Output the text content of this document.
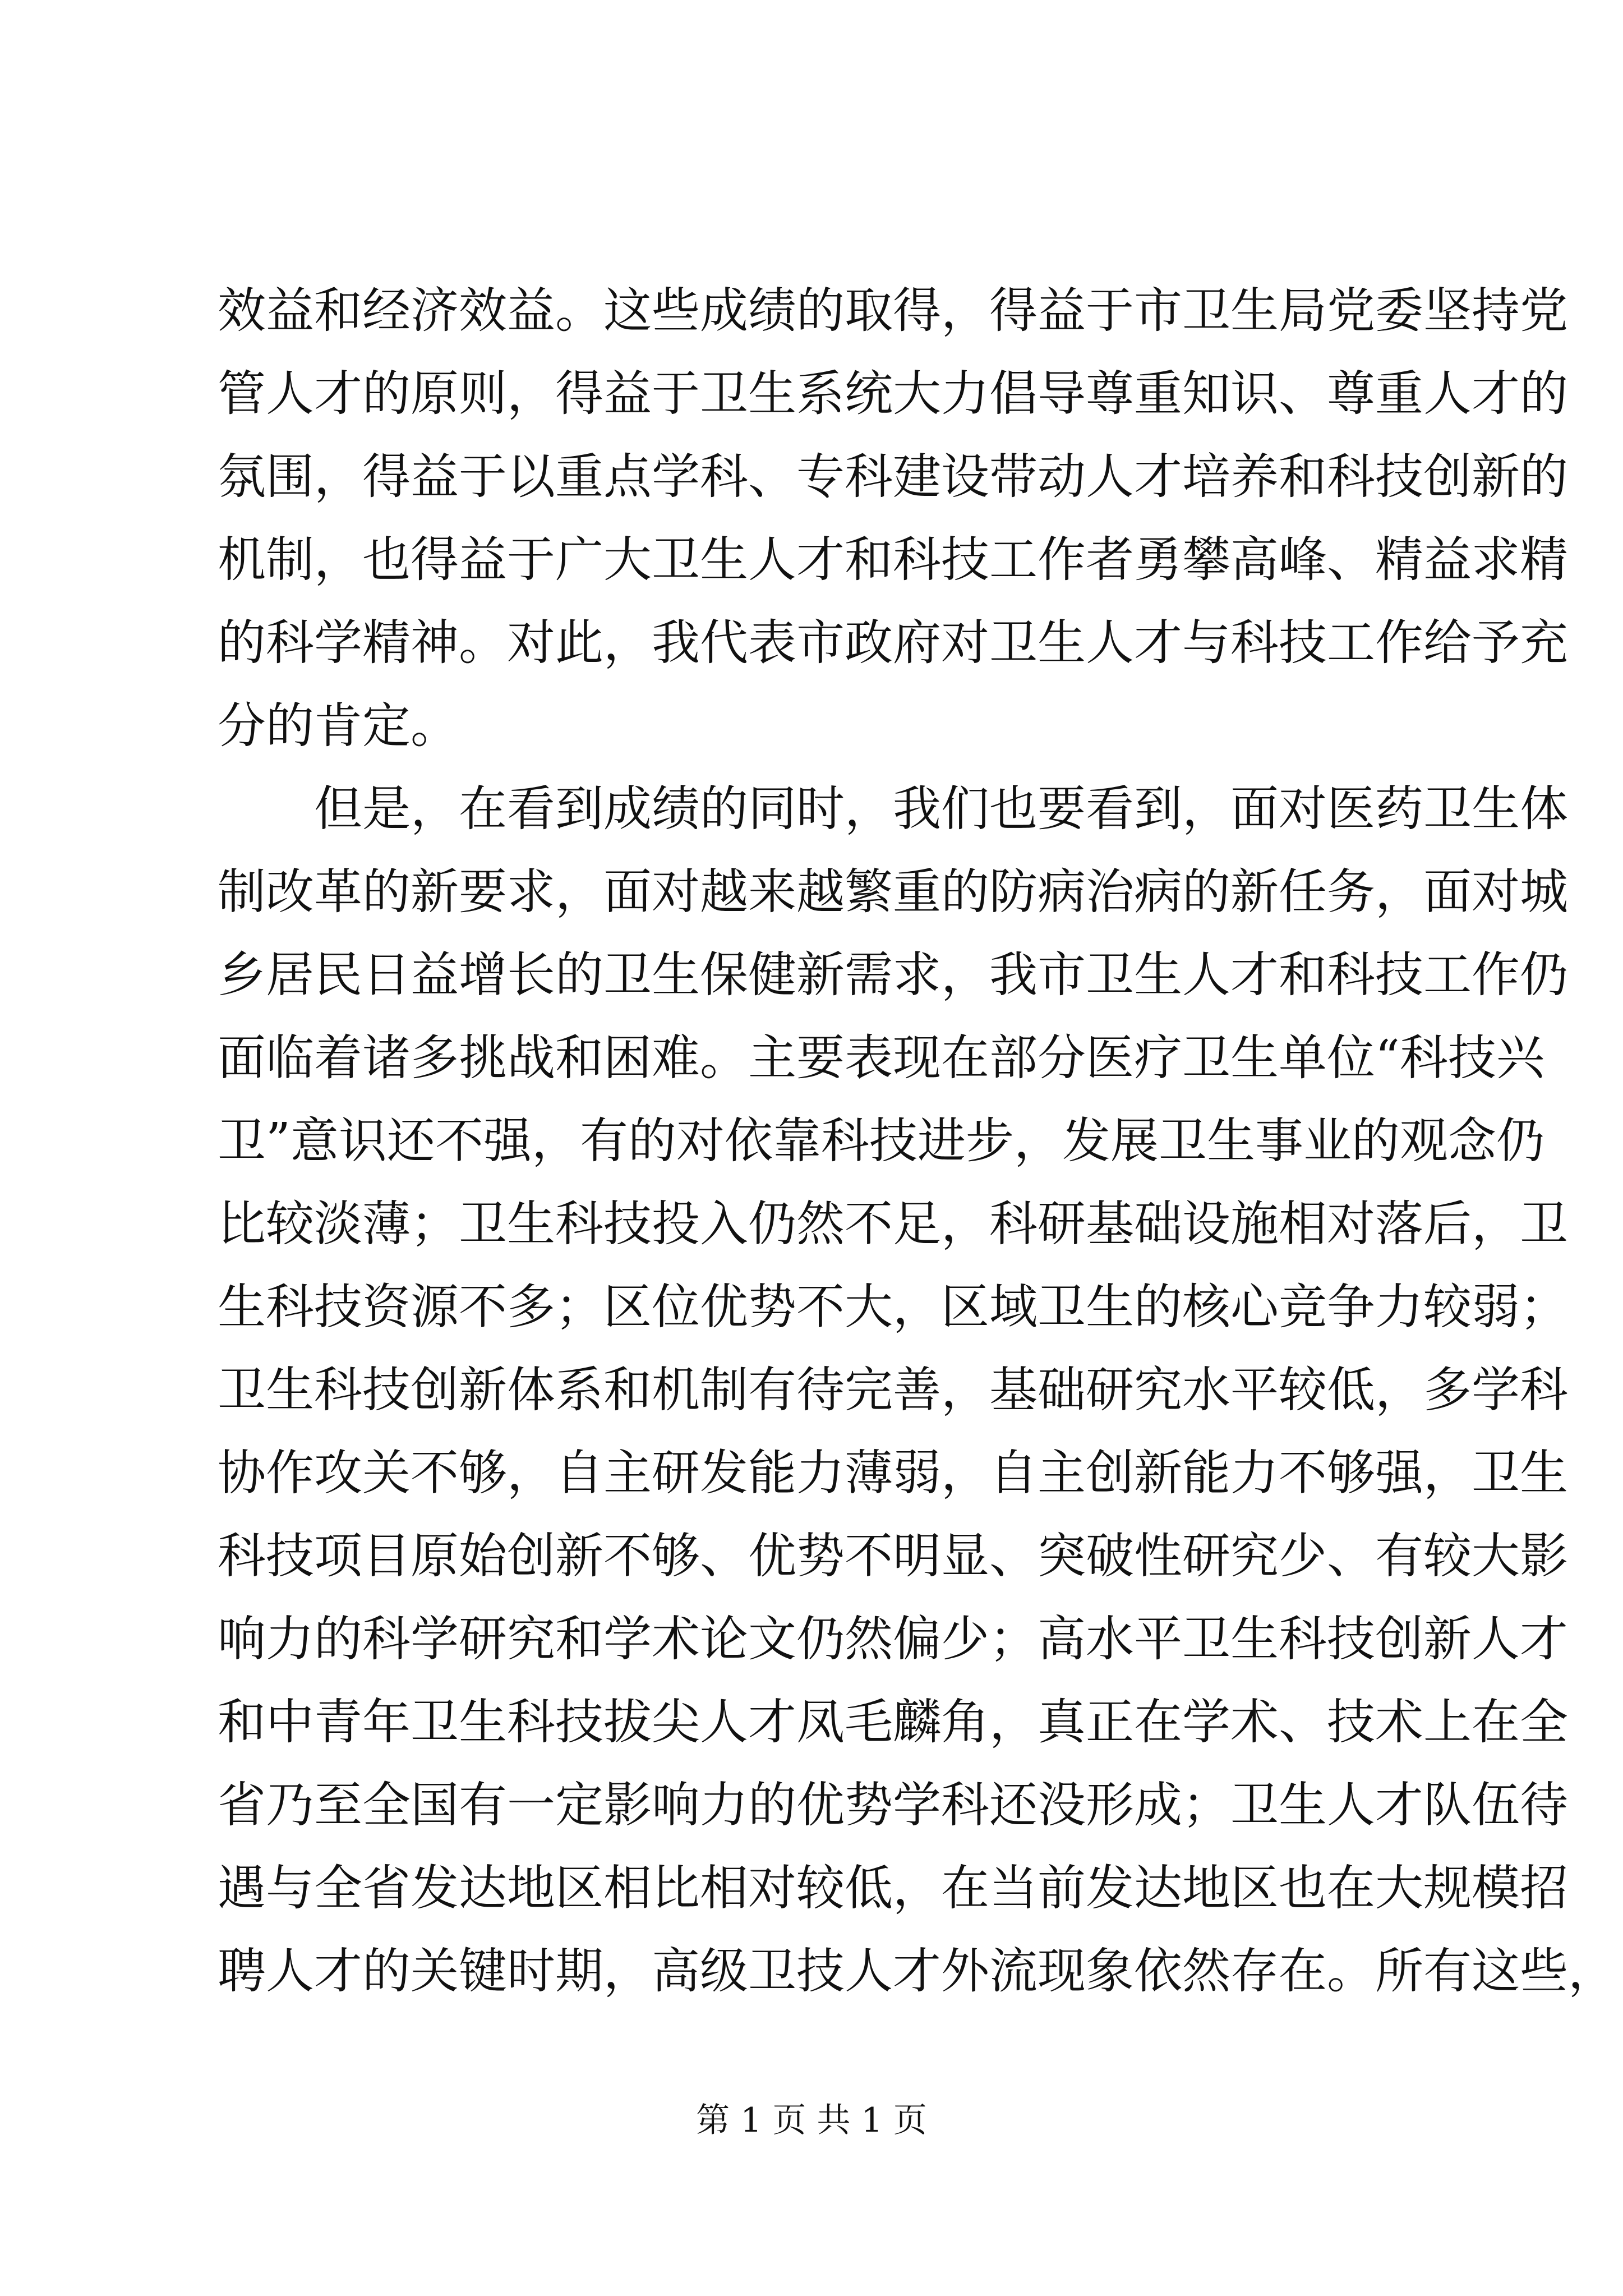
效益和经济效益。这些成绩的取得，得益于市卫生局党委坚持党
管人才的原则，得益于卫生系统大力倡导尊重知识、尊重人才的
氛围，得益于以重点学科、专科建设带动人才培养和科技创新的
机制，也得益于广大卫生人才和科技工作者勇攀高峰、精益求精
的科学精神。对此，我代表市政府对卫生人才与科技工作给予充
分的肯定。
　　但是，在看到成绩的同时，我们也要看到，面对医药卫生体
制改革的新要求，面对越来越繁重的防病治病的新任务，面对城
乡居民日益增长的卫生保健新需求，我市卫生人才和科技工作仍
面临着诸多挑战和困难。主要表现在部分医疗卫生单位“科技兴
卫”意识还不强，有的对依靠科技进步，发展卫生事业的观念仍
比较淡薄；卫生科技投入仍然不足，科研基础设施相对落后，卫
生科技资源不多；区位优势不大，区域卫生的核心竞争力较弱；
卫生科技创新体系和机制有待完善，基础研究水平较低，多学科
协作攻关不够，自主研发能力薄弱，自主创新能力不够强，卫生
科技项目原始创新不够、优势不明显、突破性研究少、有较大影
响力的科学研究和学术论文仍然偏少；高水平卫生科技创新人才
和中青年卫生科技拔尖人才凤毛麟角，真正在学术、技术上在全
省乃至全国有一定影响力的优势学科还没形成；卫生人才队伍待
遇与全省发达地区相比相对较低，在当前发达地区也在大规模招
聘人才的关键时期，高级卫技人才外流现象依然存在。所有这些，
第 1 页 共 1 页
